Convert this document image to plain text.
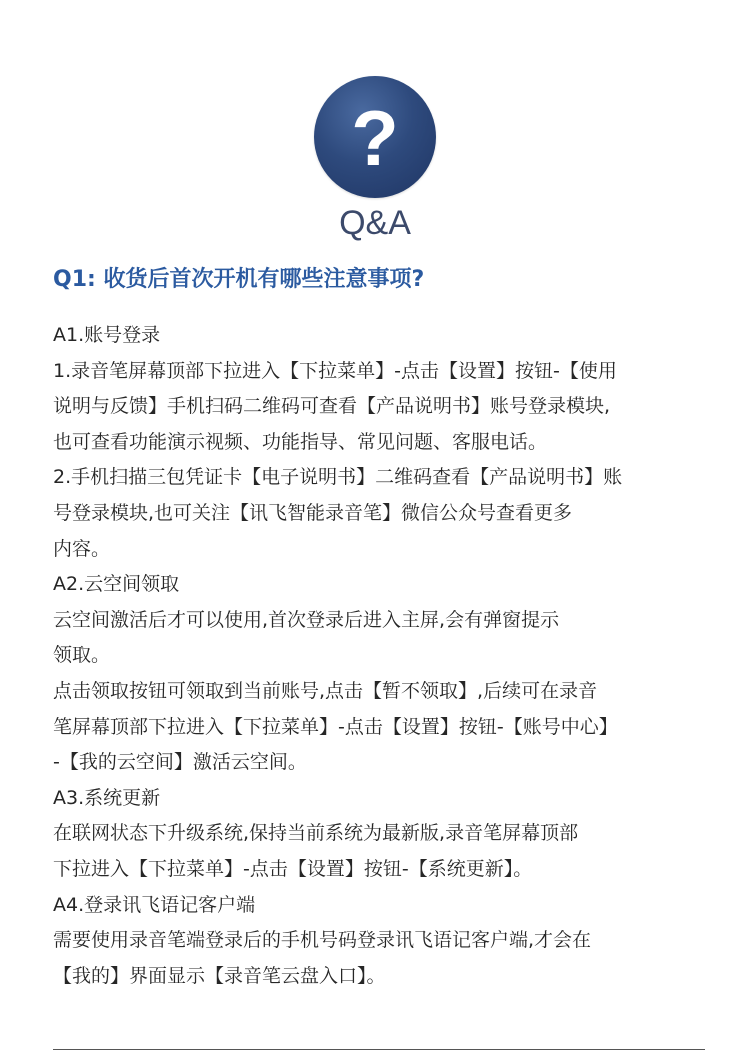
?
Q&A
Q1: 收货后首次开机有哪些注意事项?
A1.账号登录
1.录音笔屏幕顶部下拉进入【下拉菜单】-点击【设置】按钮-【使用
说明与反馈】手机扫码二维码可查看【产品说明书】账号登录模块,
也可查看功能演示视频、功能指导、常见问题、客服电话。
2.手机扫描三包凭证卡【电子说明书】二维码查看【产品说明书】账
号登录模块,也可关注【讯飞智能录音笔】微信公众号查看更多
内容。
A2.云空间领取
云空间激活后才可以使用,首次登录后进入主屏,会有弹窗提示
领取。
点击领取按钮可领取到当前账号,点击【暂不领取】,后续可在录音
笔屏幕顶部下拉进入【下拉菜单】-点击【设置】按钮-【账号中心】
-【我的云空间】激活云空间。
A3.系统更新
在联网状态下升级系统,保持当前系统为最新版,录音笔屏幕顶部
下拉进入【下拉菜单】-点击【设置】按钮-【系统更新】。
A4.登录讯飞语记客户端
需要使用录音笔端登录后的手机号码登录讯飞语记客户端,才会在
【我的】界面显示【录音笔云盘入口】。
